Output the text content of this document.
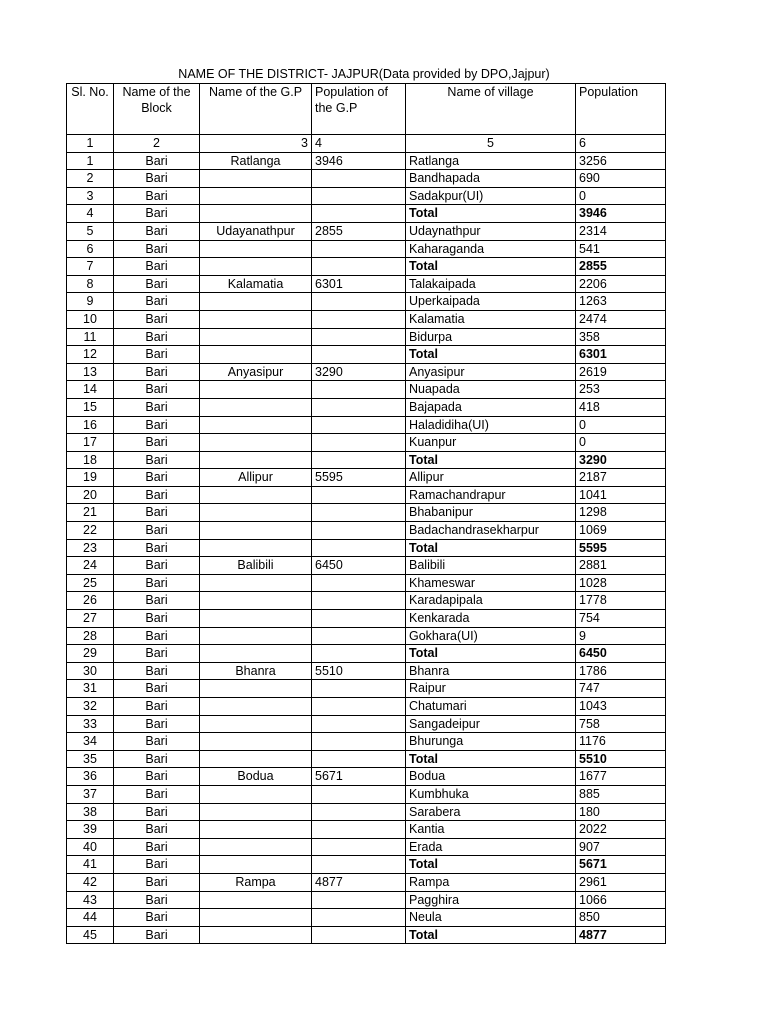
NAME OF THE DISTRICT- JAJPUR(Data provided by DPO,Jajpur)
Sl. No.	Name of the Block	Name of the G.P	Population of the G.P	Name of village	Population
1	2	3	4	5	6
1	Bari	Ratlanga	3946	Ratlanga	3256
2	Bari			Bandhapada	690
3	Bari			Sadakpur(UI)	0
4	Bari			Total	3946
5	Bari	Udayanathpur	2855	Udaynathpur	2314
6	Bari			Kaharaganda	541
7	Bari			Total	2855
8	Bari	Kalamatia	6301	Talakaipada	2206
9	Bari			Uperkaipada	1263
10	Bari			Kalamatia	2474
11	Bari			Bidurpa	358
12	Bari			Total	6301
13	Bari	Anyasipur	3290	Anyasipur	2619
14	Bari			Nuapada	253
15	Bari			Bajapada	418
16	Bari			Haladidiha(UI)	0
17	Bari			Kuanpur	0
18	Bari			Total	3290
19	Bari	Allipur	5595	Allipur	2187
20	Bari			Ramachandrapur	1041
21	Bari			Bhabanipur	1298
22	Bari			Badachandrasekharpur	1069
23	Bari			Total	5595
24	Bari	Balibili	6450	Balibili	2881
25	Bari			Khameswar	1028
26	Bari			Karadapipala	1778
27	Bari			Kenkarada	754
28	Bari			Gokhara(UI)	9
29	Bari			Total	6450
30	Bari	Bhanra	5510	Bhanra	1786
31	Bari			Raipur	747
32	Bari			Chatumari	1043
33	Bari			Sangadeipur	758
34	Bari			Bhurunga	1176
35	Bari			Total	5510
36	Bari	Bodua	5671	Bodua	1677
37	Bari			Kumbhuka	885
38	Bari			Sarabera	180
39	Bari			Kantia	2022
40	Bari			Erada	907
41	Bari			Total	5671
42	Bari	Rampa	4877	Rampa	2961
43	Bari			Pagghira	1066
44	Bari			Neula	850
45	Bari			Total	4877
